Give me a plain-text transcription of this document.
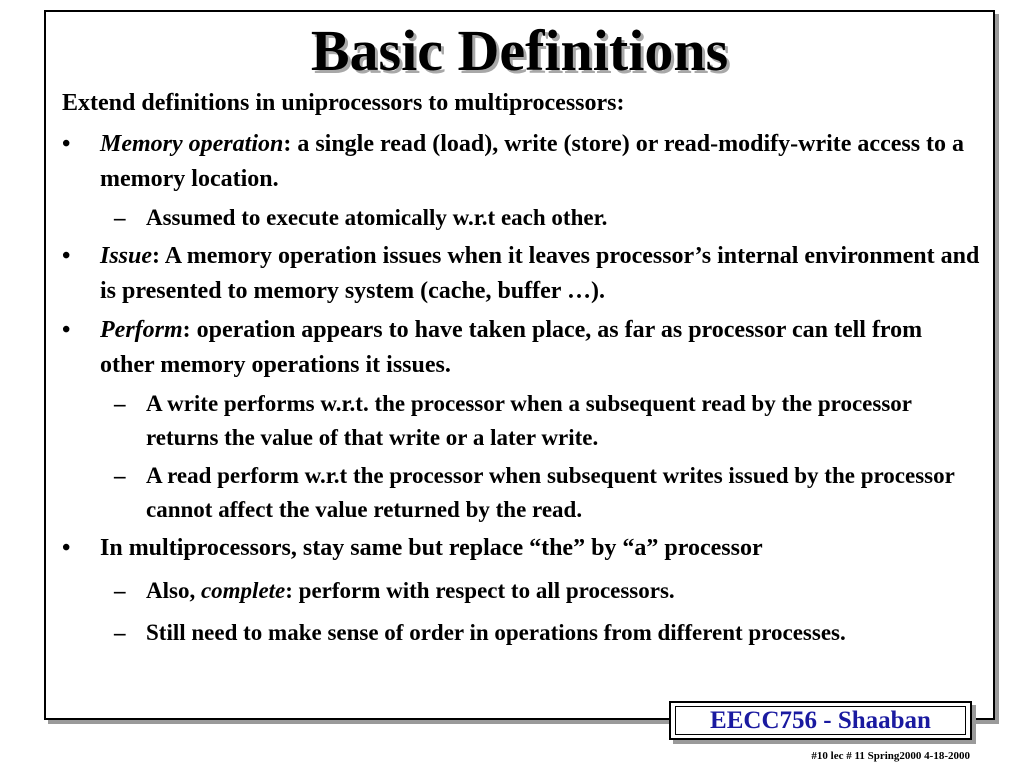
Basic Definitions
Extend definitions in uniprocessors to multiprocessors:
•	Memory operation: a single read (load), write (store) or read-modify-write access to a memory location.
– Assumed to execute atomically w.r.t each other.
•	Issue: A memory operation issues when it leaves processor’s internal environment and is presented to memory system (cache, buffer …).
•	Perform: operation appears to have taken place, as far as processor can tell from other memory operations it issues.
– A write performs w.r.t. the processor when a subsequent read by the processor returns the value of that write or a later write.
– A read perform w.r.t the processor when subsequent writes issued by the processor cannot affect the value returned by the read.
•	In multiprocessors, stay same but replace “the” by “a” processor
– Also, complete: perform with respect to all processors.
– Still need to make sense of order in operations from different processes.
EECC756 - Shaaban
#10 lec # 11 Spring2000 4-18-2000
